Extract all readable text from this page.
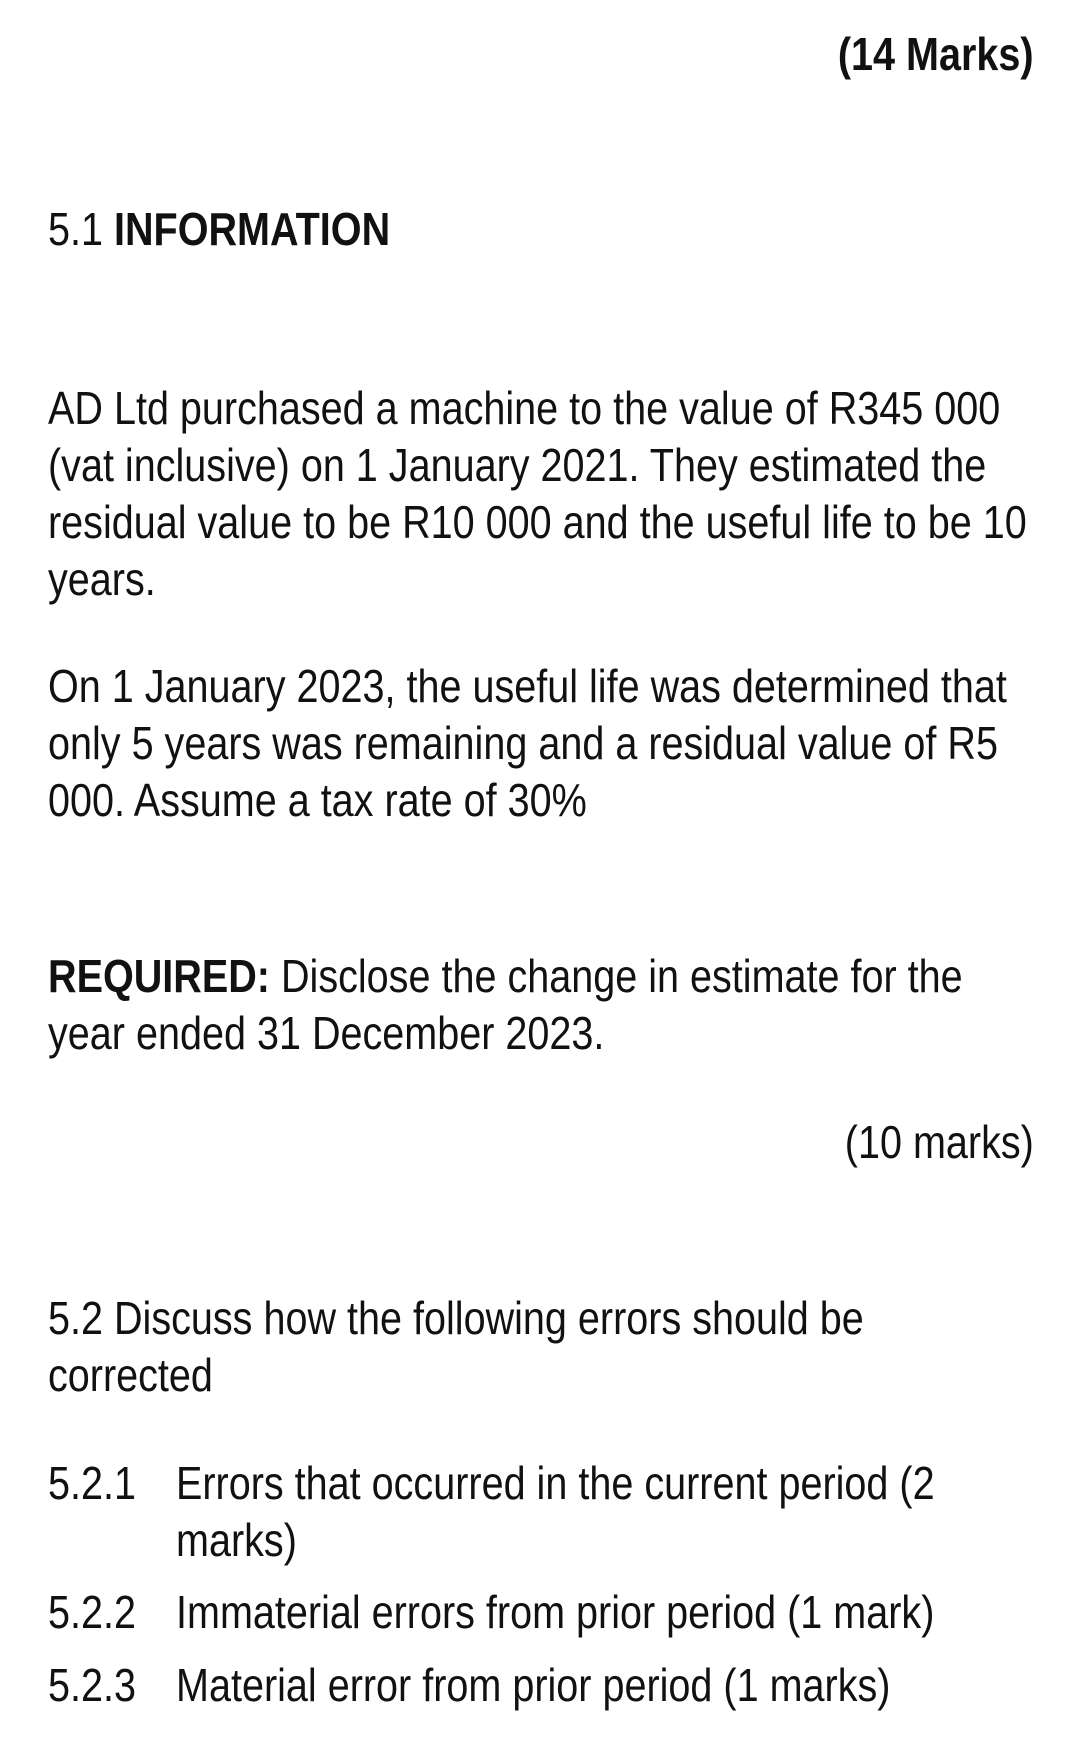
(14 Marks)
5.1 INFORMATION
AD Ltd purchased a machine to the value of R345 000
(vat inclusive) on 1 January 2021. They estimated the
residual value to be R10 000 and the useful life to be 10
years.
On 1 January 2023, the useful life was determined that
only 5 years was remaining and a residual value of R5
000. Assume a tax rate of 30%
REQUIRED: Disclose the change in estimate for the
year ended 31 December 2023.
(10 marks)
5.2 Discuss how the following errors should be
corrected
5.2.1 Errors that occurred in the current period (2
marks)
5.2.2 Immaterial errors from prior period (1 mark)
5.2.3 Material error from prior period (1 marks)
